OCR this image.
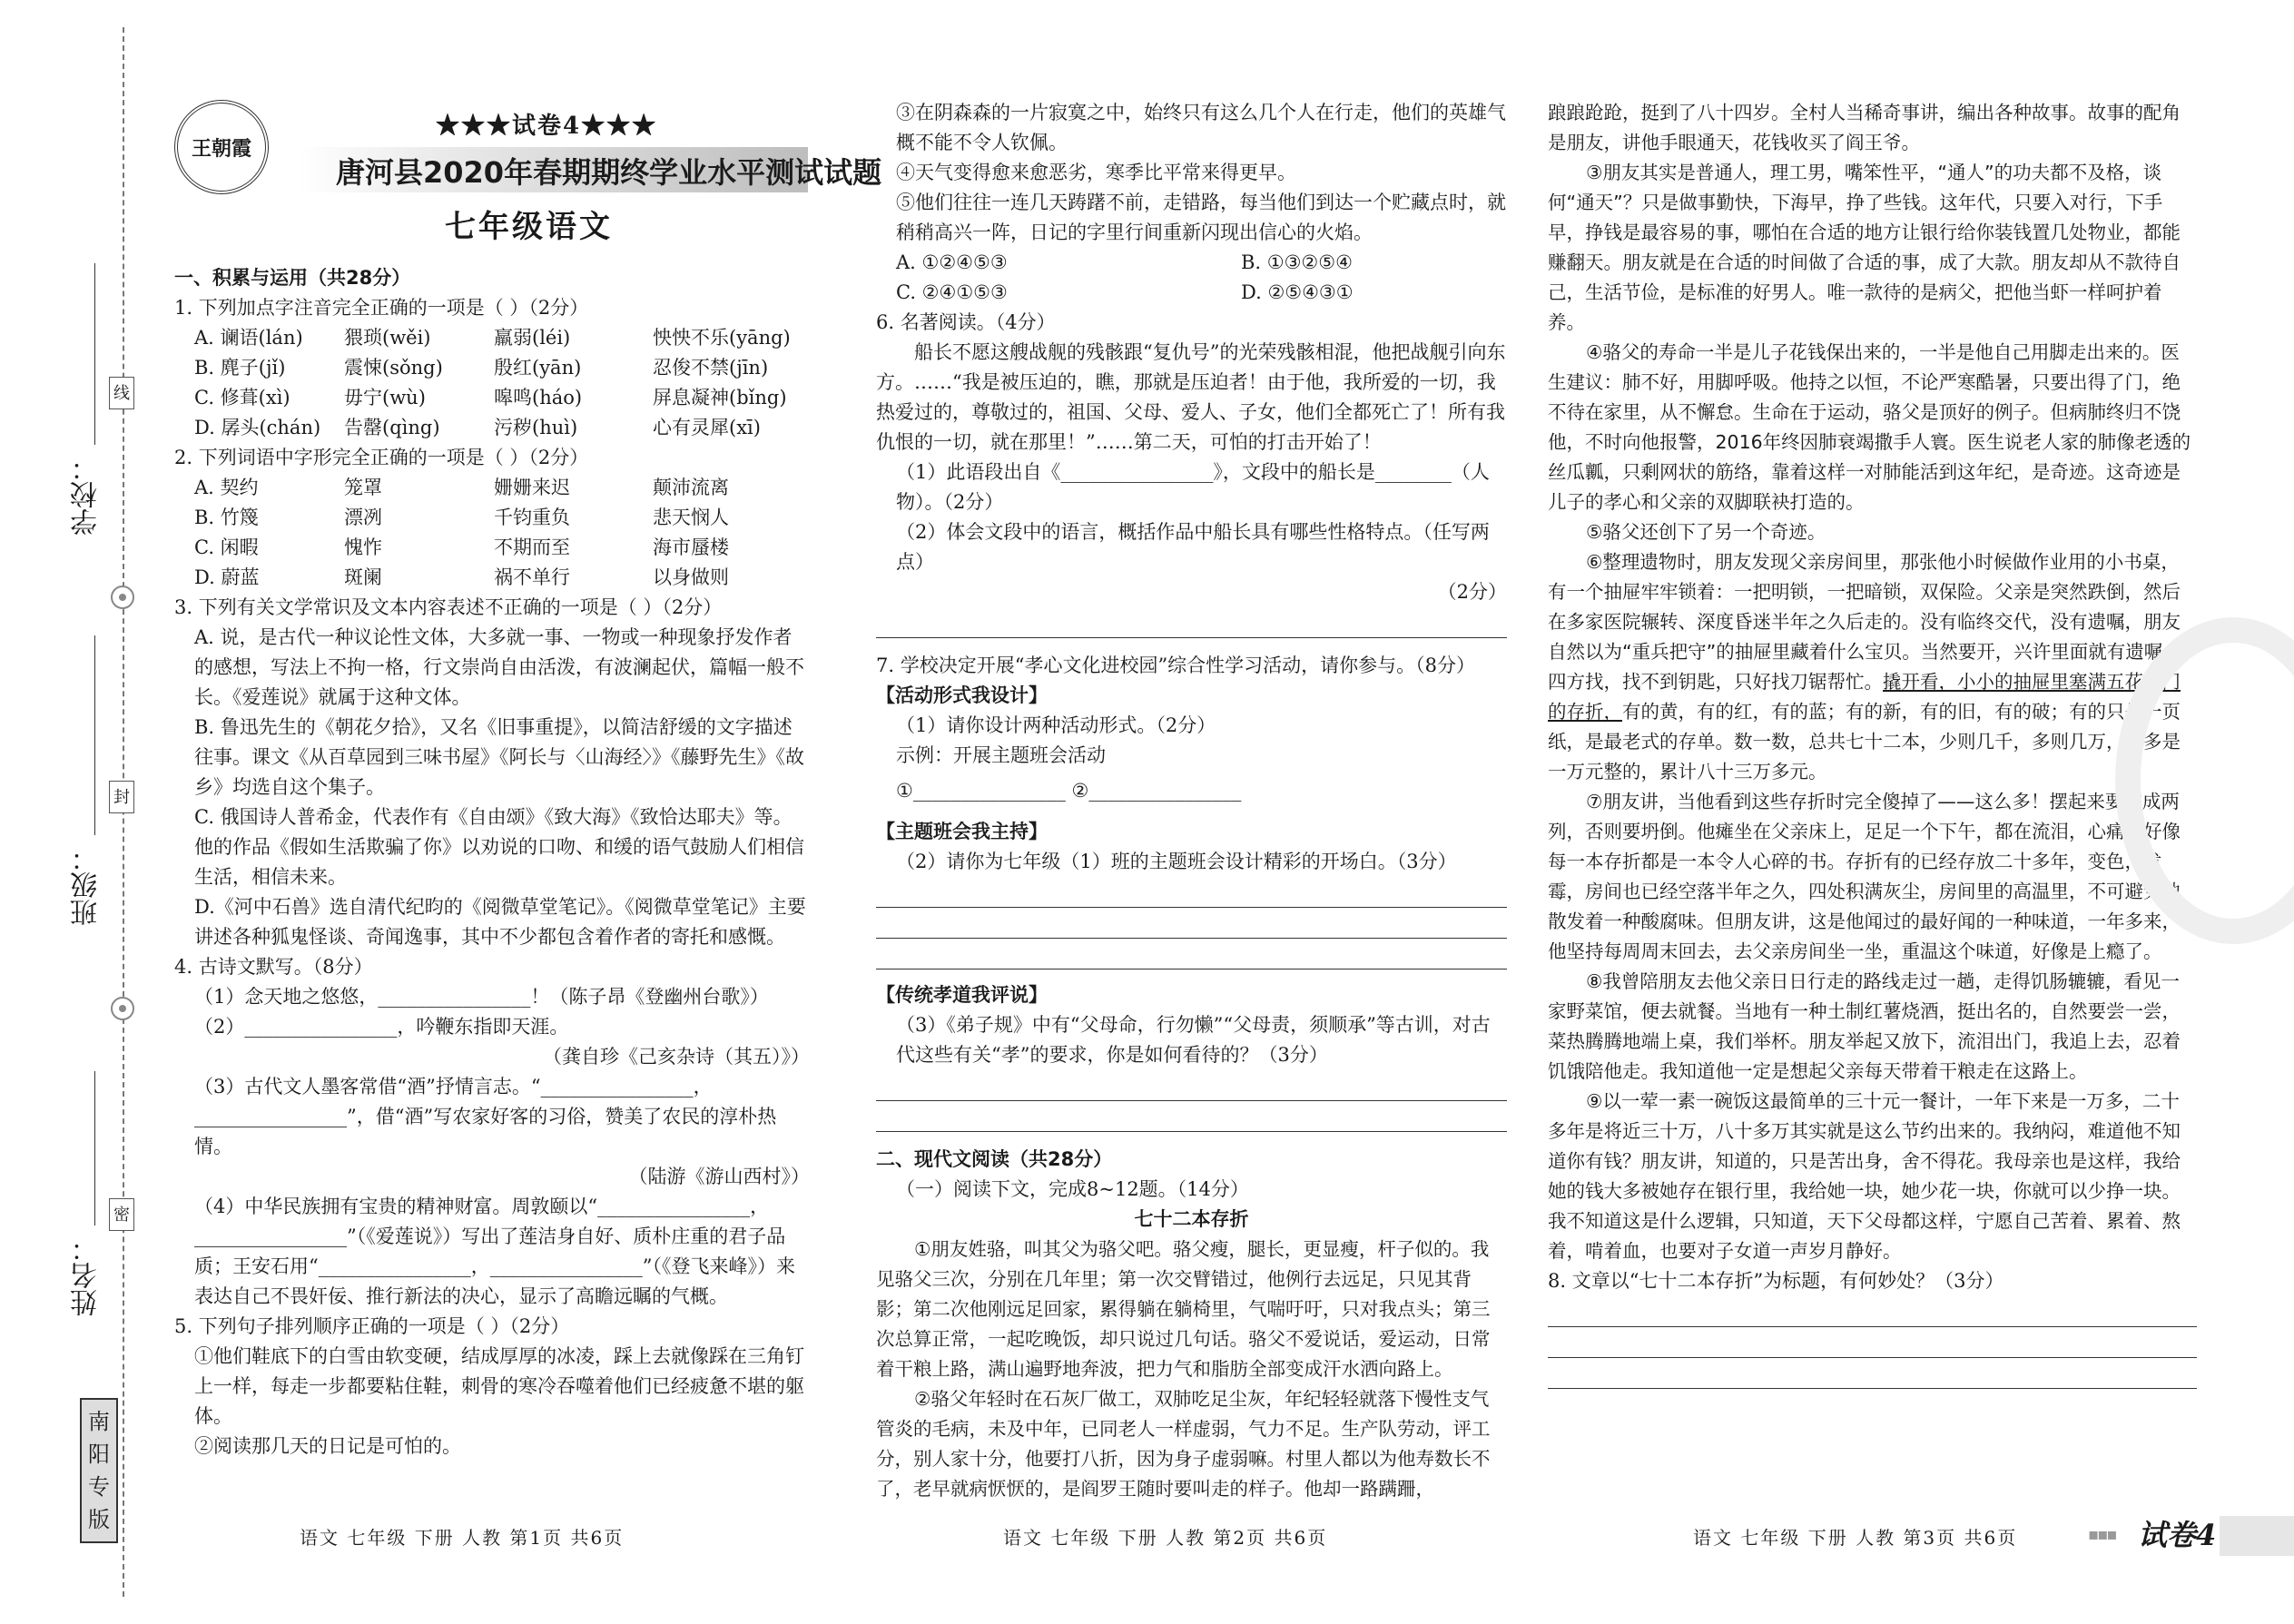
学校：
班级：
姓名：
线
封
密
南阳专版
王朝霞
★★★试卷4★★★
唐河县2020年春期期终学业水平测试试题
七年级语文
一、积累与运用（共28分）
1. 下列加点字注音完全正确的一项是（ ）（2分）
A. 谰语(lán)	猥琐(wěi)	羸弱(léi)	怏怏不乐(yāng)
B. 麂子(jǐ)	震悚(sǒng)	殷红(yān)	忍俊不禁(jīn)
C. 修葺(xì)	毋宁(wù)	嗥鸣(háo)	屏息凝神(bǐng)
D. 孱头(chán)	告罄(qìng)	污秽(huì)	心有灵犀(xī)
2. 下列词语中字形完全正确的一项是（ ）（2分）
A. 契约	笼罩	姗姗来迟	颠沛流离
B. 竹篾	漂冽	千钧重负	悲天悯人
C. 闲暇	愧怍	不期而至	海市蜃楼
D. 蔚蓝	斑阑	祸不单行	以身做则
3. 下列有关文学常识及文本内容表述不正确的一项是（ ）（2分）
A. 说，是古代一种议论性文体，大多就一事、一物或一种现象抒发作者的感想，写法上不拘一格，行文崇尚自由活泼，有波澜起伏，篇幅一般不长。《爱莲说》就属于这种文体。
B. 鲁迅先生的《朝花夕拾》，又名《旧事重提》，以简洁舒缓的文字描述往事。课文《从百草园到三味书屋》《阿长与〈山海经〉》《藤野先生》《故乡》均选自这个集子。
C. 俄国诗人普希金，代表作有《自由颂》《致大海》《致恰达耶夫》等。他的作品《假如生活欺骗了你》以劝说的口吻、和缓的语气鼓励人们相信生活，相信未来。
D.《河中石兽》选自清代纪昀的《阅微草堂笔记》。《阅微草堂笔记》主要讲述各种狐鬼怪谈、奇闻逸事，其中不少都包含着作者的寄托和感慨。
4. 古诗文默写。（8分）
（1）念天地之悠悠，________________！（陈子昂《登幽州台歌》）
（2）________________，吟鞭东指即天涯。
（龚自珍《己亥杂诗（其五）》）
（3）古代文人墨客常借“酒”抒情言志。“________________，________________”，借“酒”写农家好客的习俗，赞美了农民的淳朴热情。
（陆游《游山西村》）
（4）中华民族拥有宝贵的精神财富。周敦颐以“________________，________________”（《爱莲说》）写出了莲洁身自好、质朴庄重的君子品质；王安石用“________________，________________”（《登飞来峰》）来表达自己不畏奸佞、推行新法的决心，显示了高瞻远瞩的气概。
5. 下列句子排列顺序正确的一项是（ ）（2分）
①他们鞋底下的白雪由软变硬，结成厚厚的冰凌，踩上去就像踩在三角钉上一样，每走一步都要粘住鞋，刺骨的寒冷吞噬着他们已经疲惫不堪的躯体。
②阅读那几天的日记是可怕的。
③在阴森森的一片寂寞之中，始终只有这么几个人在行走，他们的英雄气概不能不令人钦佩。
④天气变得愈来愈恶劣，寒季比平常来得更早。
⑤他们往往一连几天踌躇不前，走错路，每当他们到达一个贮藏点时，就稍稍高兴一阵，日记的字里行间重新闪现出信心的火焰。
A. ①②④⑤③	B. ①③②⑤④
C. ②④①⑤③	D. ②⑤④③①
6. 名著阅读。（4分）
船长不愿这艘战舰的残骸跟“复仇号”的光荣残骸相混，他把战舰引向东方。……“我是被压迫的，瞧，那就是压迫者！由于他，我所爱的一切，我热爱过的，尊敬过的，祖国、父母、爱人、子女，他们全都死亡了！所有我仇恨的一切，就在那里！”……第二天，可怕的打击开始了！
（1）此语段出自《________________》，文段中的船长是________（人物）。（2分）
（2）体会文段中的语言，概括作品中船长具有哪些性格特点。（任写两点）
（2分）
7. 学校决定开展“孝心文化进校园”综合性学习活动，请你参与。（8分）
【活动形式我设计】
（1）请你设计两种活动形式。（2分）
示例：开展主题班会活动
①________________ ②________________
【主题班会我主持】
（2）请你为七年级（1）班的主题班会设计精彩的开场白。（3分）
【传统孝道我评说】
（3）《弟子规》中有“父母命，行勿懒”“父母责，须顺承”等古训，对古代这些有关“孝”的要求，你是如何看待的？（3分）
二、现代文阅读（共28分）
（一）阅读下文，完成8~12题。（14分）
七十二本存折
①朋友姓骆，叫其父为骆父吧。骆父瘦，腿长，更显瘦，杆子似的。我见骆父三次，分别在几年里；第一次交臂错过，他例行去远足，只见其背影；第二次他刚远足回家，累得躺在躺椅里，气喘吁吁，只对我点头；第三次总算正常，一起吃晚饭，却只说过几句话。骆父不爱说话，爱运动，日常着干粮上路，满山遍野地奔波，把力气和脂肪全部变成汗水洒向路上。
②骆父年轻时在石灰厂做工，双肺吃足尘灰，年纪轻轻就落下慢性支气管炎的毛病，未及中年，已同老人一样虚弱，气力不足。生产队劳动，评工分，别人家十分，他要打八折，因为身子虚弱嘛。村里人都以为他寿数长不了，老早就病恹恹的，是阎罗王随时要叫走的样子。他却一路蹒跚，
踉踉跄跄，挺到了八十四岁。全村人当稀奇事讲，编出各种故事。故事的配角是朋友，讲他手眼通天，花钱收买了阎王爷。
③朋友其实是普通人，理工男，嘴笨性平，“通人”的功夫都不及格，谈何“通天”？只是做事勤快，下海早，挣了些钱。这年代，只要入对行，下手早，挣钱是最容易的事，哪怕在合适的地方让银行给你装钱置几处物业，都能赚翻天。朋友就是在合适的时间做了合适的事，成了大款。朋友却从不款待自己，生活节俭，是标准的好男人。唯一款待的是病父，把他当虾一样呵护着养。
④骆父的寿命一半是儿子花钱保出来的，一半是他自己用脚走出来的。医生建议：肺不好，用脚呼吸。他持之以恒，不论严寒酷暑，只要出得了门，绝不待在家里，从不懈怠。生命在于运动，骆父是顶好的例子。但病肺终归不饶他，不时向他报警，2016年终因肺衰竭撒手人寰。医生说老人家的肺像老透的丝瓜瓤，只剩网状的筋络，靠着这样一对肺能活到这年纪，是奇迹。这奇迹是儿子的孝心和父亲的双脚联袂打造的。
⑤骆父还创下了另一个奇迹。
⑥整理遗物时，朋友发现父亲房间里，那张他小时候做作业用的小书桌，有一个抽屉牢牢锁着：一把明锁，一把暗锁，双保险。父亲是突然跌倒，然后在多家医院辗转、深度昏迷半年之久后走的。没有临终交代，没有遗嘱，朋友自然以为“重兵把守”的抽屉里藏着什么宝贝。当然要开，兴许里面就有遗嘱。四方找，找不到钥匙，只好找刀锯帮忙。撬开看，小小的抽屉里塞满五花八门的存折，有的黄，有的红，有的蓝；有的新，有的旧，有的破；有的只是一页纸，是最老式的存单。数一数，总共七十二本，少则几千，多则几万，大多是一万元整的，累计八十三万多元。
⑦朋友讲，当他看到这些存折时完全傻掉了——这么多！摆起来要堆成两列，否则要坍倒。他瘫坐在父亲床上，足足一个下午，都在流泪，心痛，好像每一本存折都是一本令人心碎的书。存折有的已经存放二十多年，变色，发霉，房间也已经空落半年之久，四处积满灰尘，房间里的高温里，不可避免地散发着一种酸腐味。但朋友讲，这是他闻过的最好闻的一种味道，一年多来，他坚持每周周末回去，去父亲房间坐一坐，重温这个味道，好像是上瘾了。
⑧我曾陪朋友去他父亲日日行走的路线走过一趟，走得饥肠辘辘，看见一家野菜馆，便去就餐。当地有一种土制红薯烧酒，挺出名的，自然要尝一尝，菜热腾腾地端上桌，我们举杯。朋友举起又放下，流泪出门，我追上去，忍着饥饿陪他走。我知道他一定是想起父亲每天带着干粮走在这路上。
⑨以一荤一素一碗饭这最简单的三十元一餐计，一年下来是一万多，二十多年是将近三十万，八十多万其实就是这么节约出来的。我纳闷，难道他不知道你有钱？朋友讲，知道的，只是苦出身，舍不得花。我母亲也是这样，我给她的钱大多被她存在银行里，我给她一块，她少花一块，你就可以少挣一块。我不知道这是什么逻辑，只知道，天下父母都这样，宁愿自己苦着、累着、熬着，啃着血，也要对子女道一声岁月静好。
8. 文章以“七十二本存折”为标题，有何妙处？（3分）
语文 七年级 下册 人教 第1页 共6页	语文 七年级 下册 人教 第2页 共6页	语文 七年级 下册 人教 第3页 共6页	▪▪▪ 试卷4
